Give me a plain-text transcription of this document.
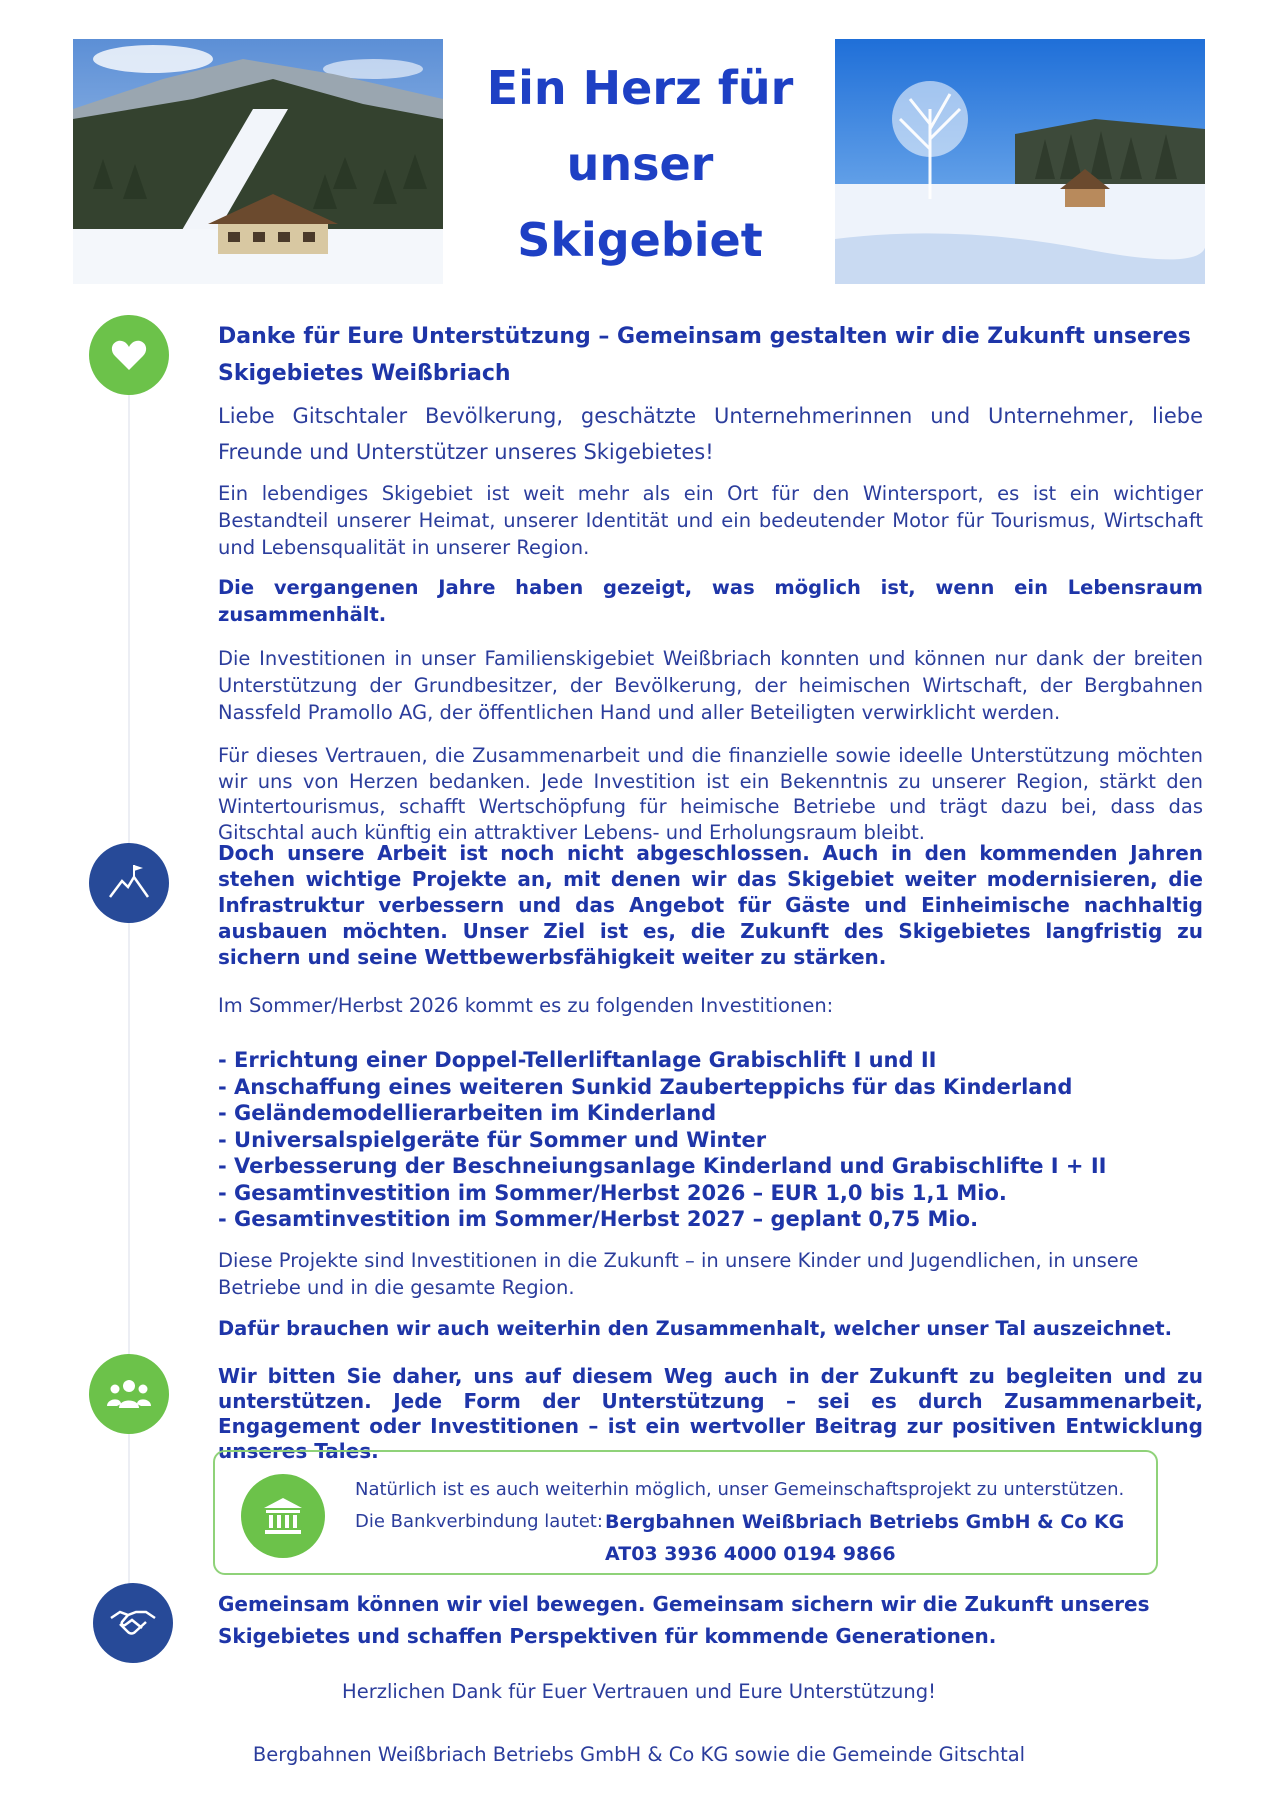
Ein Herz für
unser
Skigebiet

Danke für Eure Unterstützung – Gemeinsam gestalten wir die Zukunft unseres Skigebietes Weißbriach

Liebe Gitschtaler Bevölkerung, geschätzte Unternehmerinnen und Unternehmer, liebe Freunde und Unterstützer unseres Skigebietes!

Ein lebendiges Skigebiet ist weit mehr als ein Ort für den Wintersport, es ist ein wichtiger Bestandteil unserer Heimat, unserer Identität und ein bedeutender Motor für Tourismus, Wirtschaft und Lebensqualität in unserer Region.

Die vergangenen Jahre haben gezeigt, was möglich ist, wenn ein Lebensraum zusammenhält.

Die Investitionen in unser Familienskigebiet Weißbriach konnten und können nur dank der breiten Unterstützung der Grundbesitzer, der Bevölkerung, der heimischen Wirtschaft, der Bergbahnen Nassfeld Pramollo AG, der öffentlichen Hand und aller Beteiligten verwirklicht werden.

Für dieses Vertrauen, die Zusammenarbeit und die finanzielle sowie ideelle Unterstützung möchten wir uns von Herzen bedanken. Jede Investition ist ein Bekenntnis zu unserer Region, stärkt den Wintertourismus, schafft Wertschöpfung für heimische Betriebe und trägt dazu bei, dass das Gitschtal auch künftig ein attraktiver Lebens- und Erholungsraum bleibt.

Doch unsere Arbeit ist noch nicht abgeschlossen. Auch in den kommenden Jahren stehen wichtige Projekte an, mit denen wir das Skigebiet weiter modernisieren, die Infrastruktur verbessern und das Angebot für Gäste und Einheimische nachhaltig ausbauen möchten. Unser Ziel ist es, die Zukunft des Skigebietes langfristig zu sichern und seine Wettbewerbsfähigkeit weiter zu stärken.

Im Sommer/Herbst 2026 kommt es zu folgenden Investitionen:

- Errichtung einer Doppel-Tellerliftanlage Grabischlift I und II
- Anschaffung eines weiteren Sunkid Zauberteppichs für das Kinderland
- Geländemodellierarbeiten im Kinderland
- Universalspielgeräte für Sommer und Winter
- Verbesserung der Beschneiungsanlage Kinderland und Grabischlifte I + II
- Gesamtinvestition im Sommer/Herbst 2026 – EUR 1,0 bis 1,1 Mio.
- Gesamtinvestition im Sommer/Herbst 2027 – geplant 0,75 Mio.

Diese Projekte sind Investitionen in die Zukunft – in unsere Kinder und Jugendlichen, in unsere Betriebe und in die gesamte Region.

Dafür brauchen wir auch weiterhin den Zusammenhalt, welcher unser Tal auszeichnet.

Wir bitten Sie daher, uns auf diesem Weg auch in der Zukunft zu begleiten und zu unterstützen. Jede Form der Unterstützung – sei es durch Zusammenarbeit, Engagement oder Investitionen – ist ein wertvoller Beitrag zur positiven Entwicklung unseres Tales.

Natürlich ist es auch weiterhin möglich, unser Gemeinschaftsprojekt zu unterstützen.
Die Bankverbindung lautet: Bergbahnen Weißbriach Betriebs GmbH & Co KG
AT03 3936 4000 0194 9866

Gemeinsam können wir viel bewegen. Gemeinsam sichern wir die Zukunft unseres Skigebietes und schaffen Perspektiven für kommende Generationen.

Herzlichen Dank für Euer Vertrauen und Eure Unterstützung!
Bergbahnen Weißbriach Betriebs GmbH & Co KG sowie die Gemeinde Gitschtal
